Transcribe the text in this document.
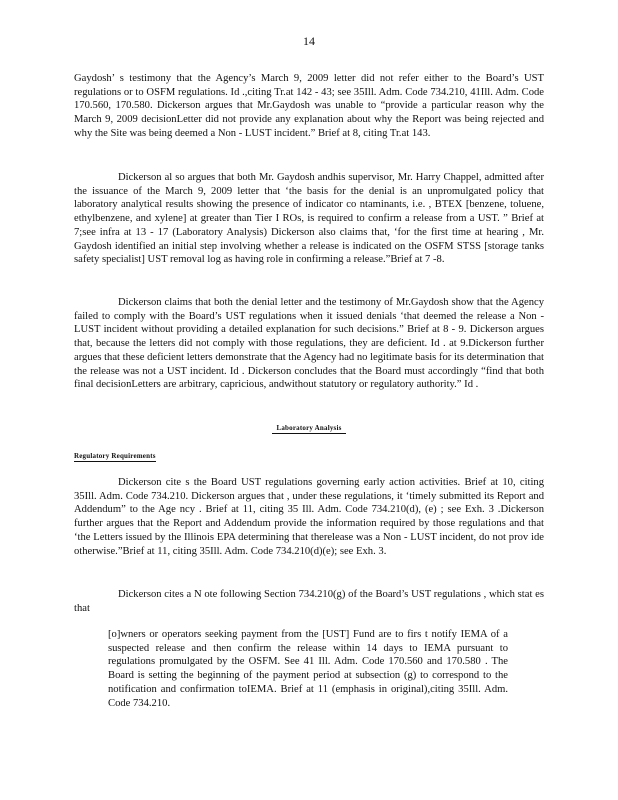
14

Gaydosh’ s testimony that the Agency’s March 9, 2009 letter did not refer either to the Board’s UST regulations or to OSFM regulations. Id .,citing Tr.at 142 - 43; see 35Ill. Adm. Code 734.210, 41Ill. Adm. Code 170.560, 170.580. Dickerson argues that Mr.Gaydosh was unable to “provide a particular reason why the March 9, 2009 decisionLetter did not provide any explanation about why the Report was being rejected and why the Site was being deemed a Non - LUST incident.” Brief at 8, citing Tr.at 143.

Dickerson al so argues that both Mr. Gaydosh andhis supervisor, Mr. Harry Chappel, admitted after the issuance of the March 9, 2009 letter that ‘the basis for the denial is an unpromulgated policy that laboratory analytical results showing the presence of indicator co ntaminants, i.e. , BTEX [benzene, toluene, ethylbenzene, and xylene] at greater than Tier I ROs, is required to confirm a release from a UST. ” Brief at 7;see infra at 13 - 17 (Laboratory Analysis) Dickerson also claims that, ‘for the first time at hearing , Mr. Gaydosh identified an initial step involving whether a release is indicated on the OSFM STSS [storage tanks safety specialist] UST removal log as having role in confirming a release.”Brief at 7 -8.

Dickerson claims that both the denial letter and the testimony of Mr.Gaydosh show that the Agency failed to comply with the Board’s UST regulations when it issued denials ‘that deemed the release a Non - LUST incident without providing a detailed explanation for such decisions.” Brief at 8 - 9. Dickerson argues that, because the letters did not comply with those regulations, they are deficient. Id . at 9.Dickerson further argues that these deficient letters demonstrate that the Agency had no legitimate basis for its determination that the release was not a UST incident. Id . Dickerson concludes that the Board must accordingly “find that both final decisionLetters are arbitrary, capricious, andwithout statutory or regulatory authority.” Id .

Laboratory Analysis
Regulatory Requirements

Dickerson cite s the Board UST regulations governing early action activities. Brief at 10, citing 35Ill. Adm. Code 734.210. Dickerson argues that , under these regulations, it ‘timely submitted its Report and Addendum” to the Age ncy . Brief at 11, citing 35 Ill. Adm. Code 734.210(d), (e) ; see Exh. 3 .Dickerson further argues that the Report and Addendum provide the information required by those regulations and that ‘the Letters issued by the Illinois EPA determining that therelease was a Non - LUST incident, do not prov ide otherwise.”Brief at 11, citing 35Ill. Adm. Code 734.210(d)(e); see Exh. 3.

Dickerson cites a N ote following Section 734.210(g) of the Board’s UST regulations , which stat es that

[o]wners or operators seeking payment from the [UST] Fund are to firs t notify IEMA of a suspected release and then confirm the release within 14 days to IEMA pursuant to regulations promulgated by the OSFM. See 41 Ill. Adm. Code 170.560 and 170.580 . The Board is setting the beginning of the payment period at subsection (g) to correspond to the notification and confirmation toIEMA. Brief at 11 (emphasis in original),citing 35Ill. Adm. Code 734.210.
